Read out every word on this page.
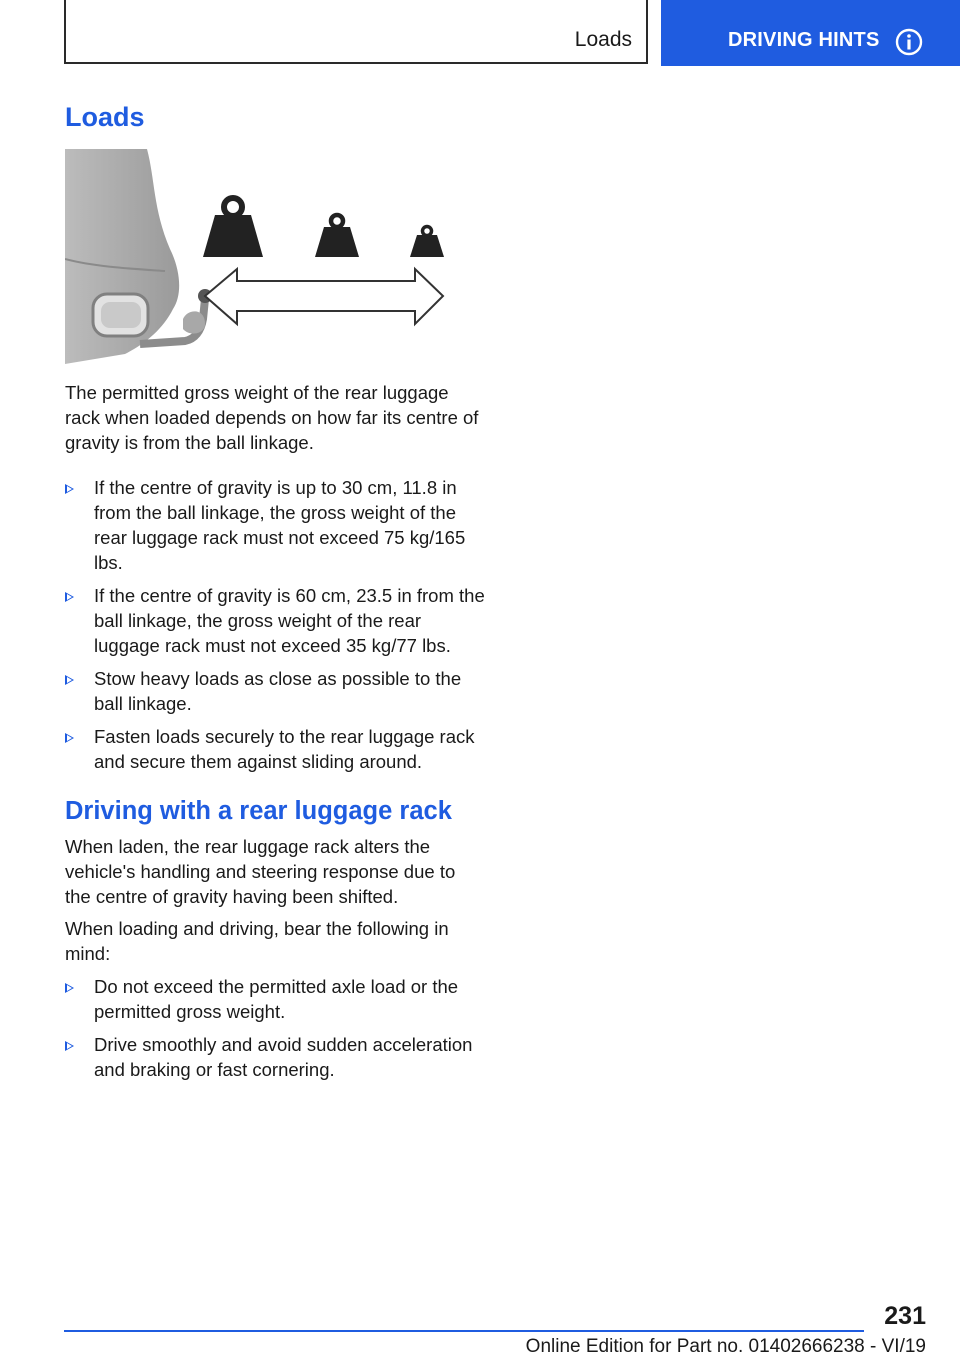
Loads	DRIVING HINTS
Loads

The permitted gross weight of the rear luggage rack when loaded depends on how far its centre of gravity is from the ball linkage.

If the centre of gravity is up to 30 cm, 11.8 in from the ball linkage, the gross weight of the rear luggage rack must not exceed 75 kg/165 lbs.
If the centre of gravity is 60 cm, 23.5 in from the ball linkage, the gross weight of the rear luggage rack must not exceed 35 kg/77 lbs.
Stow heavy loads as close as possible to the ball linkage.
Fasten loads securely to the rear luggage rack and secure them against sliding around.
Driving with a rear luggage rack

When laden, the rear luggage rack alters the vehicle's handling and steering response due to the centre of gravity having been shifted.

When loading and driving, bear the following in mind:

Do not exceed the permitted axle load or the permitted gross weight.
Drive smoothly and avoid sudden acceleration and braking or fast cornering.
231
Online Edition for Part no. 01402666238 - VI/19
